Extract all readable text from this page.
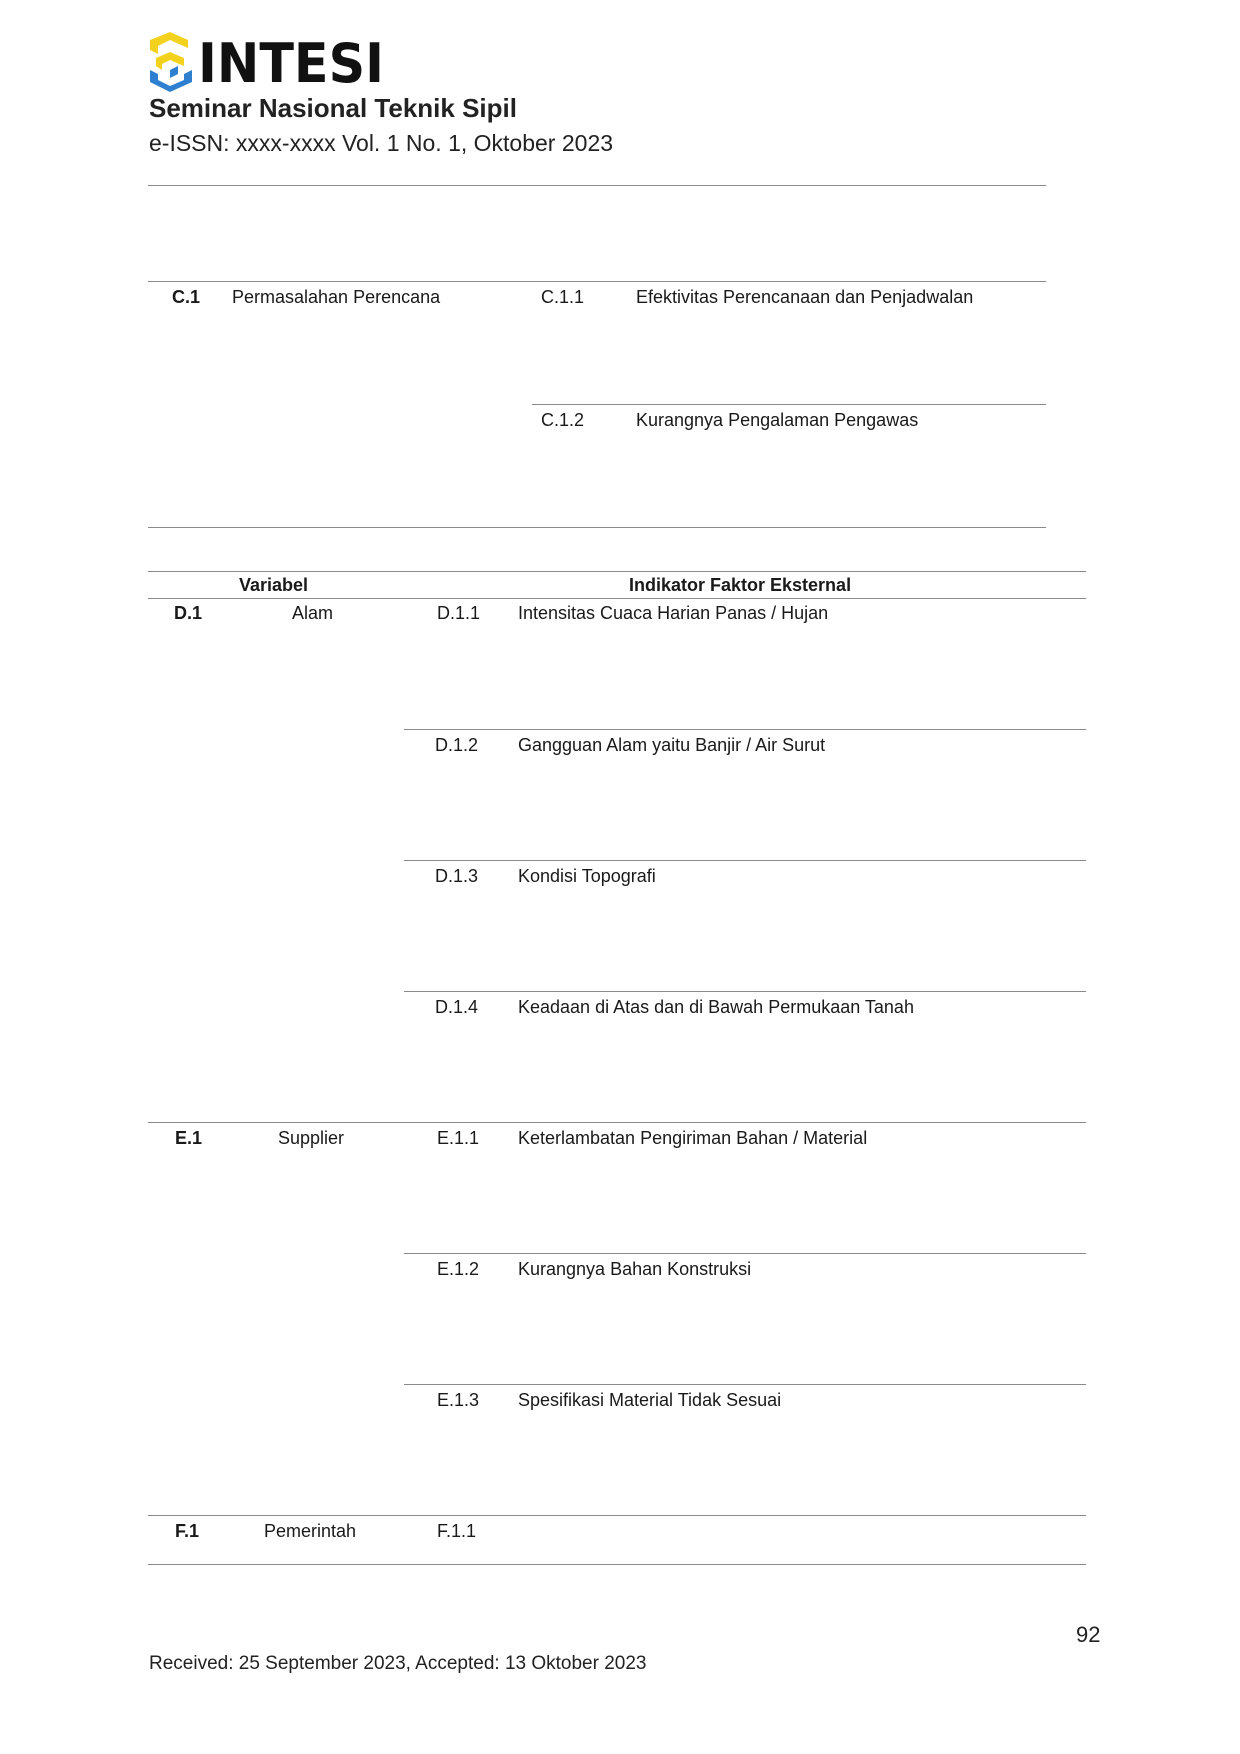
INTESI
Seminar Nasional Teknik Sipil
e-ISSN: xxxx-xxxx Vol. 1 No. 1, Oktober 2023
C.1 Permasalahan Perencana	C.1.1	Efektivitas Perencanaan dan Penjadwalan
C.1.2	Kurangnya Pengalaman Pengawas
Variabel	Indikator Faktor Eksternal
D.1	Alam	D.1.1 Intensitas Cuaca Harian Panas / Hujan
D.1.2 Gangguan Alam yaitu Banjir / Air Surut
D.1.3 Kondisi Topografi
D.1.4 Keadaan di Atas dan di Bawah Permukaan Tanah
E.1	Supplier	E.1.1 Keterlambatan Pengiriman Bahan / Material
E.1.2 Kurangnya Bahan Konstruksi
E.1.3 Spesifikasi Material Tidak Sesuai
F.1	Pemerintah	F.1.1
92
Received: 25 September 2023, Accepted: 13 Oktober 2023
